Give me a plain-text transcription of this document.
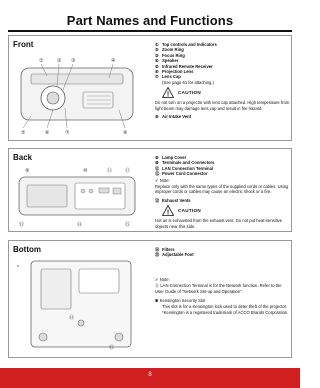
Part Names and Functions
Front
①	② ③	④
⑤	⑥	⑦	⑧
① Top controls and Indicators
② Zoom Ring
③ Focus Ring
④ Speaker
⑤ Infrared Remote Receiver
⑥ Projection Lens
⑦ Lens Cap
(See page 61 for attaching.)
! CAUTION
Do not turn on a projector with lens cap attached. High temperature from light beam may damage lens cap and result in fire hazard.
⑧ Air Intake Vent
Back
⑨	⑩	⑪	⑫
⑬	⑭	⑮
⑨ Lamp Cover
⑩ Terminals and Connectors
⑪ LAN Connection Terminal
⑫ Power Cord Connector
✓ Note:
Replace only with the same types of the supplied cords or cables. Using improper cords or cables may cause an electric shock or a fire.
⑬ Exhaust Vents
! CAUTION
Hot air is exhausted from the exhaust vent. Do not put heat-sensitive objects near this side.
Bottom
*
⑭
⑮
⑭ Filters
⑮ Adjustable Foot
✓ Note:
⑪ LAN Connection Terminal is for the Network function. Refer to the User Guide of "Network Set-up and Operation".
✱ Kensington Security Slot
This slot is for a Kensington lock used to deter theft of the projector. *Kensington is a registered trademark of ACCO Brands Corporation.
8
